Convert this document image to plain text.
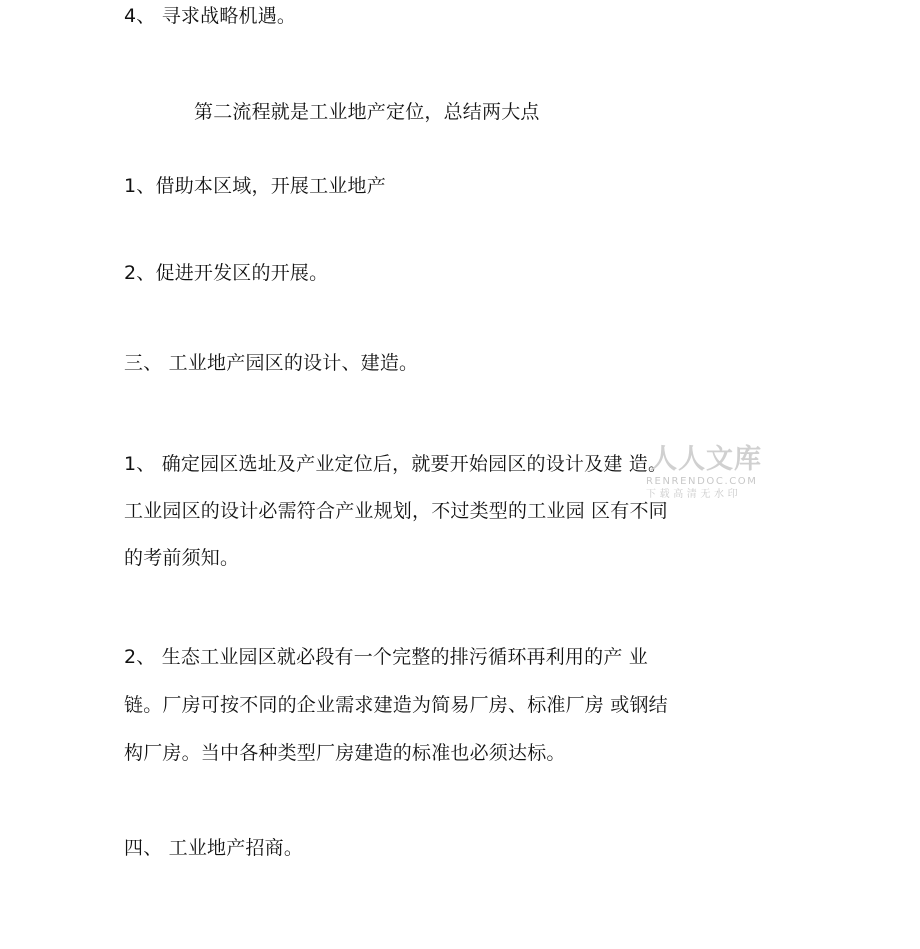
4、 寻求战略机遇。
第二流程就是工业地产定位，总结两大点
1、借助本区域，开展工业地产
2、促进开发区的开展。
三、 工业地产园区的设计、建造。
1、 确定园区选址及产业定位后，就要开始园区的设计及建 造。
工业园区的设计必需符合产业规划，不过类型的工业园 区有不同
的考前须知。
2、 生态工业园区就必段有一个完整的排污循环再利用的产 业
链。厂房可按不同的企业需求建造为简易厂房、标准厂房 或钢结
构厂房。当中各种类型厂房建造的标准也必须达标。
四、 工业地产招商。
人人文库
RENRENDOC.COM
下载高清无水印
